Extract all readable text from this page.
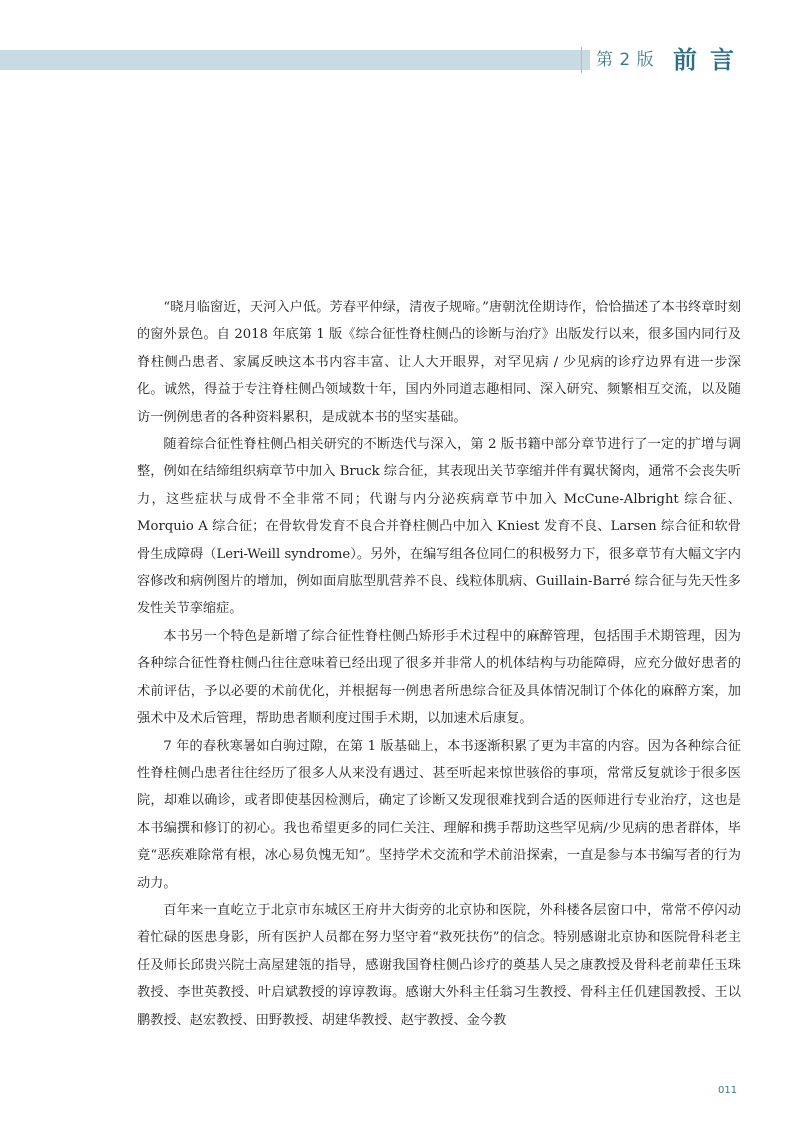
第 2 版 前言

“晓月临窗近，天河入户低。芳春平仲绿，清夜子规啼。”唐朝沈佺期诗作，恰恰描述了本书终章时刻的窗外景色。自 2018 年底第 1 版《综合征性脊柱侧凸的诊断与治疗》出版发行以来，很多国内同行及脊柱侧凸患者、家属反映这本书内容丰富、让人大开眼界，对罕见病 / 少见病的诊疗边界有进一步深化。诚然，得益于专注脊柱侧凸领域数十年，国内外同道志趣相同、深入研究、频繁相互交流，以及随访一例例患者的各种资料累积，是成就本书的坚实基础。

随着综合征性脊柱侧凸相关研究的不断迭代与深入，第 2 版书籍中部分章节进行了一定的扩增与调整，例如在结缔组织病章节中加入 Bruck 综合征，其表现出关节挛缩并伴有翼状胬肉，通常不会丧失听力，这些症状与成骨不全非常不同；代谢与内分泌疾病章节中加入 McCune-Albright 综合征、Morquio A 综合征；在骨软骨发育不良合并脊柱侧凸中加入 Kniest 发育不良、Larsen 综合征和软骨骨生成障碍（Leri-Weill syndrome）。另外，在编写组各位同仁的积极努力下，很多章节有大幅文字内容修改和病例图片的增加，例如面肩肱型肌营养不良、线粒体肌病、Guillain-Barré 综合征与先天性多发性关节挛缩症。

本书另一个特色是新增了综合征性脊柱侧凸矫形手术过程中的麻醉管理，包括围手术期管理，因为各种综合征性脊柱侧凸往往意味着已经出现了很多并非常人的机体结构与功能障碍，应充分做好患者的术前评估，予以必要的术前优化，并根据每一例患者所患综合征及具体情况制订个体化的麻醉方案，加强术中及术后管理，帮助患者顺利度过围手术期，以加速术后康复。

7 年的春秋寒暑如白驹过隙，在第 1 版基础上，本书逐渐积累了更为丰富的内容。因为各种综合征性脊柱侧凸患者往往经历了很多人从来没有遇过、甚至听起来惊世骇俗的事项，常常反复就诊于很多医院，却难以确诊，或者即使基因检测后，确定了诊断又发现很难找到合适的医师进行专业治疗，这也是本书编撰和修订的初心。我也希望更多的同仁关注、理解和携手帮助这些罕见病/少见病的患者群体，毕竟“恶疾难除常有根，冰心易负愧无知”。坚持学术交流和学术前沿探索，一直是参与本书编写者的行为动力。

百年来一直屹立于北京市东城区王府井大街旁的北京协和医院，外科楼各层窗口中，常常不停闪动着忙碌的医患身影，所有医护人员都在努力坚守着“救死扶伤”的信念。特别感谢北京协和医院骨科老主任及师长邱贵兴院士高屋建瓴的指导，感谢我国脊柱侧凸诊疗的奠基人吴之康教授及骨科老前辈任玉珠教授、李世英教授、叶启斌教授的谆谆教诲。感谢大外科主任翁习生教授、骨科主任仉建国教授、王以鹏教授、赵宏教授、田野教授、胡建华教授、赵宇教授、金今教

011
